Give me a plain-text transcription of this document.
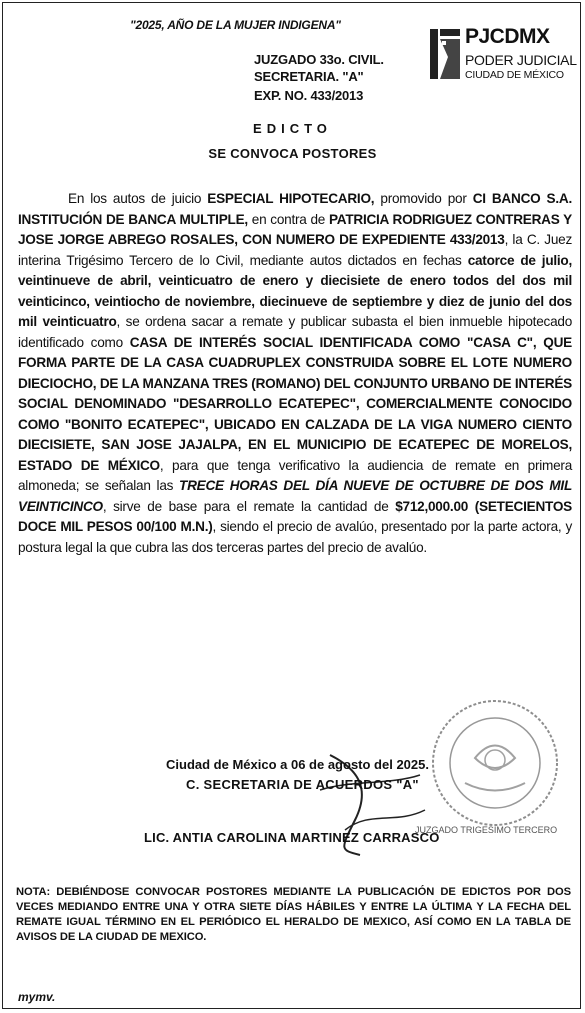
"2025, AÑO DE LA MUJER INDIGENA"	PJCDMX
PODER JUDICIAL
CIUDAD DE MÉXICO
JUZGADO 33o. CIVIL.
SECRETARIA. "A"
EXP. NO. 433/2013
EDICTO
SE CONVOCA POSTORES
En los autos de juicio ESPECIAL HIPOTECARIO, promovido por CI BANCO S.A. INSTITUCIÓN DE BANCA MULTIPLE, en contra de PATRICIA RODRIGUEZ CONTRERAS Y JOSE JORGE ABREGO ROSALES, CON NUMERO DE EXPEDIENTE 433/2013, la C. Juez interina Trigésimo Tercero de lo Civil, mediante autos dictados en fechas catorce de julio, veintinueve de abril, veinticuatro de enero y diecisiete de enero todos del dos mil veinticinco, veintiocho de noviembre, diecinueve de septiembre y diez de junio del dos mil veinticuatro, se ordena sacar a remate y publicar subasta el bien inmueble hipotecado identificado como CASA DE INTERÉS SOCIAL IDENTIFICADA COMO "CASA C", QUE FORMA PARTE DE LA CASA CUADRUPLEX CONSTRUIDA SOBRE EL LOTE NUMERO DIECIOCHO, DE LA MANZANA TRES (ROMANO) DEL CONJUNTO URBANO DE INTERÉS SOCIAL DENOMINADO "DESARROLLO ECATEPEC", COMERCIALMENTE CONOCIDO COMO "BONITO ECATEPEC", UBICADO EN CALZADA DE LA VIGA NUMERO CIENTO DIECISIETE, SAN JOSE JAJALPA, EN EL MUNICIPIO DE ECATEPEC DE MORELOS, ESTADO DE MÉXICO, para que tenga verificativo la audiencia de remate en primera almoneda; se señalan las TRECE HORAS DEL DÍA NUEVE DE OCTUBRE DE DOS MIL VEINTICINCO, sirve de base para el remate la cantidad de $712,000.00 (SETECIENTOS DOCE MIL PESOS 00/100 M.N.), siendo el precio de avalúo, presentado por la parte actora, y postura legal la que cubra las dos terceras partes del precio de avalúo.
JUZGADO TRIGESIMO TERCERO
Ciudad de México a 06 de agosto del 2025.
C. SECRETARIA DE ACUERDOS "A"
LIC. ANTIA CAROLINA MARTINEZ CARRASCO
NOTA: DEBIÉNDOSE CONVOCAR POSTORES MEDIANTE LA PUBLICACIÓN DE EDICTOS POR DOS VECES MEDIANDO ENTRE UNA Y OTRA SIETE DÍAS HÁBILES Y ENTRE LA ÚLTIMA Y LA FECHA DEL REMATE IGUAL TÉRMINO EN EL PERIÓDICO EL HERALDO DE MEXICO, ASÍ COMO EN LA TABLA DE AVISOS DE LA CIUDAD DE MEXICO.
mymv.
